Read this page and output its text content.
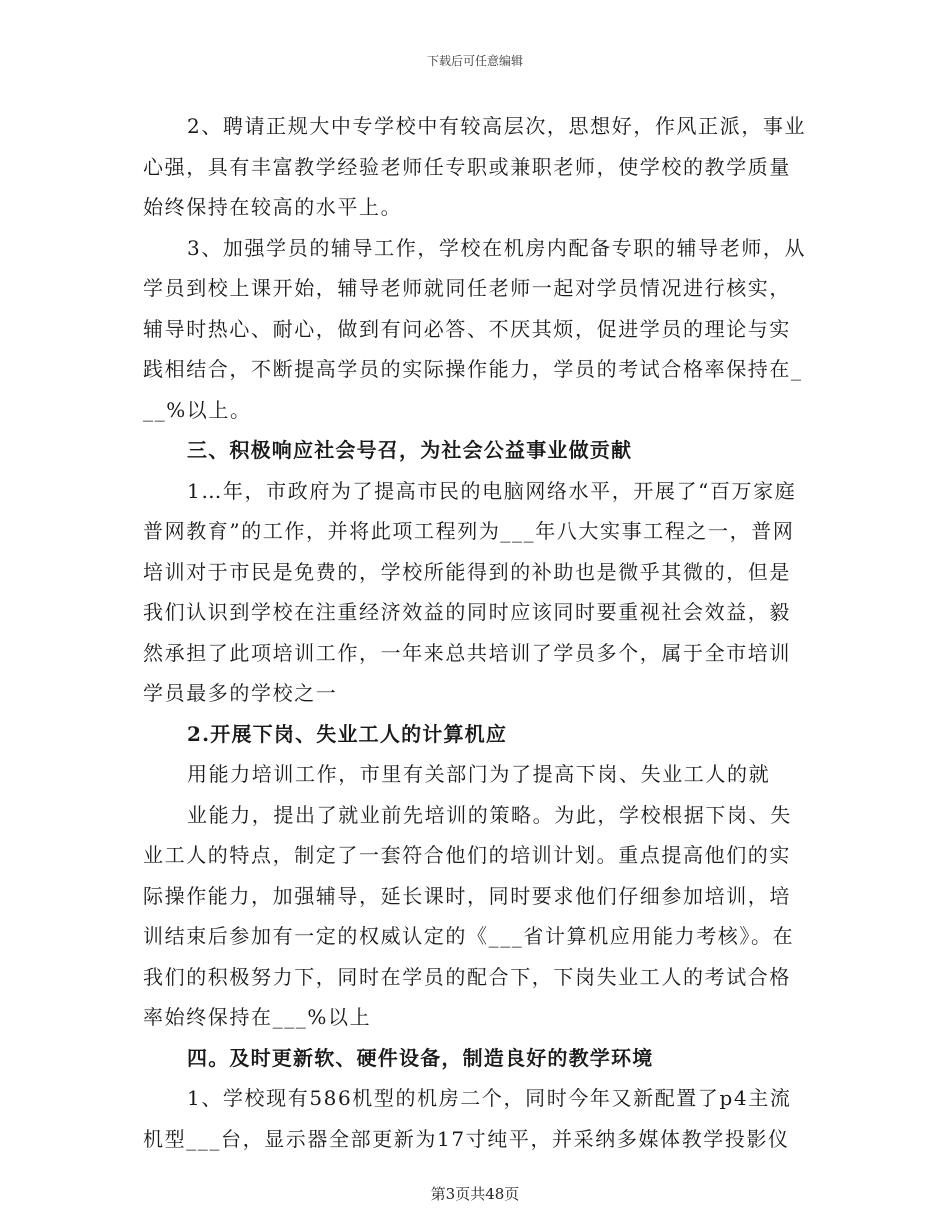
下载后可任意编辑
2、聘请正规大中专学校中有较高层次，思想好，作风正派，事业
心强，具有丰富教学经验老师任专职或兼职老师，使学校的教学质量
始终保持在较高的水平上。
3、加强学员的辅导工作，学校在机房内配备专职的辅导老师，从
学员到校上课开始，辅导老师就同任老师一起对学员情况进行核实，
辅导时热心、耐心，做到有问必答、不厌其烦，促进学员的理论与实
践相结合，不断提高学员的实际操作能力，学员的考试合格率保持在_
__%以上。
三、积极响应社会号召，为社会公益事业做贡献
1…年，市政府为了提高市民的电脑网络水平，开展了“百万家庭
普网教育”的工作，并将此项工程列为___年八大实事工程之一，普网
培训对于市民是免费的，学校所能得到的补助也是微乎其微的，但是
我们认识到学校在注重经济效益的同时应该同时要重视社会效益，毅
然承担了此项培训工作，一年来总共培训了学员多个，属于全市培训
学员最多的学校之一
2.开展下岗、失业工人的计算机应
用能力培训工作，市里有关部门为了提高下岗、失业工人的就
业能力，提出了就业前先培训的策略。为此，学校根据下岗、失
业工人的特点，制定了一套符合他们的培训计划。重点提高他们的实
际操作能力，加强辅导，延长课时，同时要求他们仔细参加培训，培
训结束后参加有一定的权威认定的《___省计算机应用能力考核》。在
我们的积极努力下，同时在学员的配合下，下岗失业工人的考试合格
率始终保持在___%以上
四。及时更新软、硬件设备，制造良好的教学环境
1、学校现有586机型的机房二个，同时今年又新配置了p4主流
机型___台，显示器全部更新为17寸纯平，并采纳多媒体教学投影仪
第3页共48页
